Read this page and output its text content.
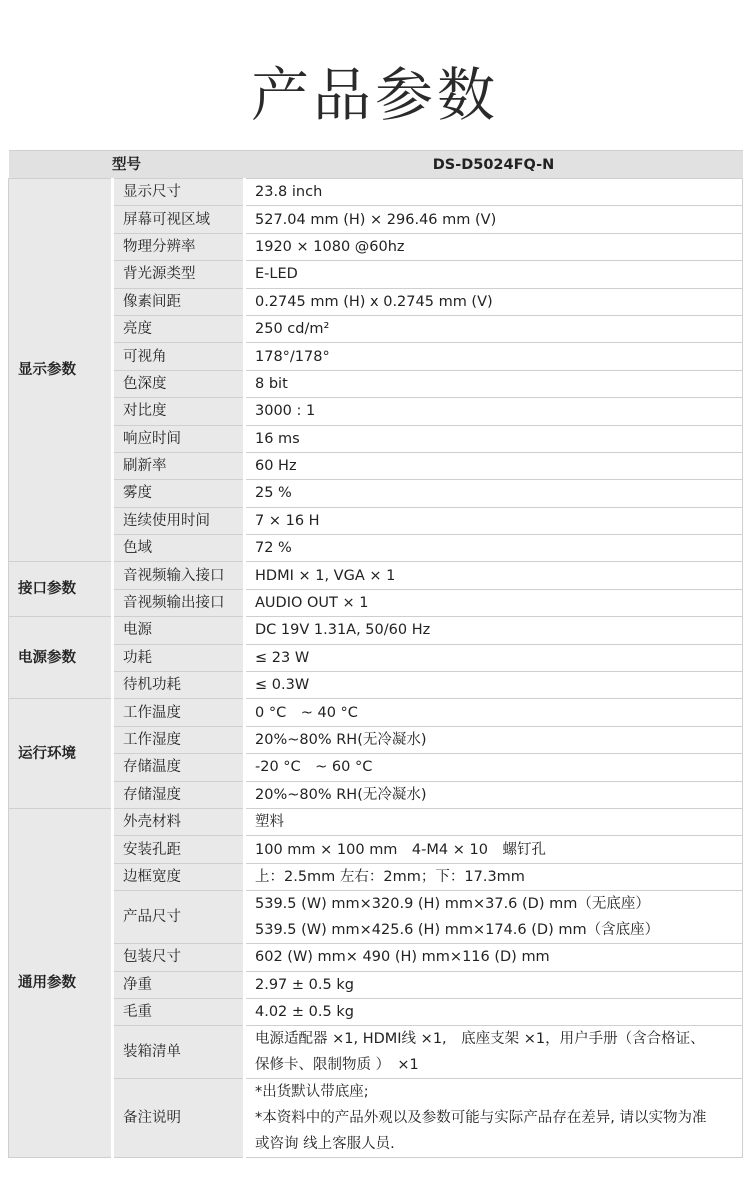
产品参数
型号		DS-D5024FQ-N
显示参数	显示尺寸	23.8 inch

	屏幕可视区域	527.04 mm (H) × 296.46 mm (V)

	物理分辨率	1920 × 1080 @60hz

	背光源类型	E-LED

	像素间距	0.2745 mm (H) x 0.2745 mm (V)

	亮度	250 cd/m²

	可视角	178°/178°

	色深度	8 bit

	对比度	3000 : 1

	响应时间	16 ms

	刷新率	60 Hz

	雾度	25 %

	连续使用时间	7 × 16 H

	色域	72 %

接口参数	音视频输入接口	HDMI × 1, VGA × 1

	音视频输出接口	AUDIO OUT × 1

电源参数	电源	DC 19V 1.31A, 50/60 Hz

	功耗	≤ 23 W

	待机功耗	≤ 0.3W

运行环境	工作温度	0 °C　~ 40 °C

	工作湿度	20%~80% RH(无冷凝水)

	存储温度	-20 °C　~ 60 °C

	存储湿度	20%~80% RH(无冷凝水)

通用参数	外壳材料	塑料

	安装孔距	100 mm × 100 mm　4-M4 × 10　螺钉孔

	边框宽度	上：2.5mm 左右：2mm；下：17.3mm

	产品尺寸	539.5 (W) mm×320.9 (H) mm×37.6 (D) mm（无底座）
539.5 (W) mm×425.6 (H) mm×174.6 (D) mm（含底座）

	包装尺寸	602 (W) mm× 490 (H) mm×116 (D) mm

	净重	2.97 ± 0.5 kg

	毛重	4.02 ± 0.5 kg

	装箱清单	电源适配器 ×1, HDMI线 ×1,　底座支架 ×1，用户手册（含合格证、
保修卡、限制物质 ）　×1

	备注说明	*出货默认带底座;
*本资料中的产品外观以及参数可能与实际产品存在差异, 请以实物为准
或咨询 线上客服人员.
